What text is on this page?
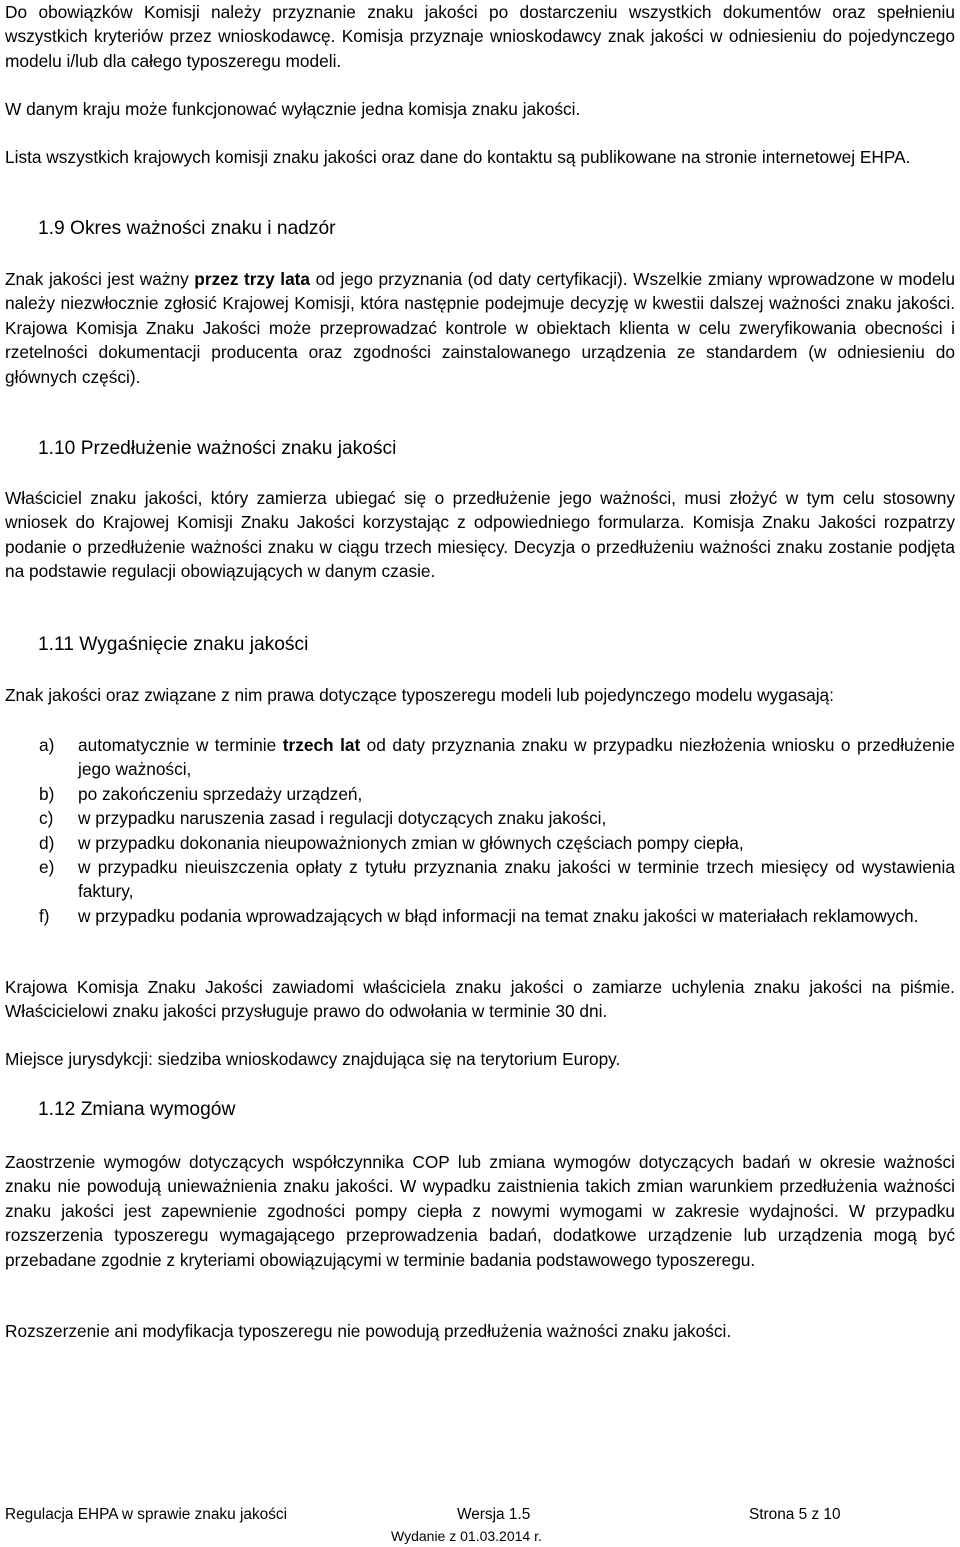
Do obowiązków Komisji należy przyznanie znaku jakości po dostarczeniu wszystkich dokumentów oraz spełnieniu wszystkich kryteriów przez wnioskodawcę. Komisja przyznaje wnioskodawcy znak jakości w odniesieniu do pojedynczego modelu i/lub dla całego typoszeregu modeli.

W danym kraju może funkcjonować wyłącznie jedna komisja znaku jakości.

Lista wszystkich krajowych komisji znaku jakości oraz dane do kontaktu są publikowane na stronie internetowej EHPA.

1.9 Okres ważności znaku i nadzór

Znak jakości jest ważny przez trzy lata od jego przyznania (od daty certyfikacji). Wszelkie zmiany wprowadzone w modelu należy niezwłocznie zgłosić Krajowej Komisji, która następnie podejmuje decyzję w kwestii dalszej ważności znaku jakości. Krajowa Komisja Znaku Jakości może przeprowadzać kontrole w obiektach klienta w celu zweryfikowania obecności i rzetelności dokumentacji producenta oraz zgodności zainstalowanego urządzenia ze standardem (w odniesieniu do głównych części).

1.10 Przedłużenie ważności znaku jakości

Właściciel znaku jakości, który zamierza ubiegać się o przedłużenie jego ważności, musi złożyć w tym celu stosowny wniosek do Krajowej Komisji Znaku Jakości korzystając z odpowiedniego formularza. Komisja Znaku Jakości rozpatrzy podanie o przedłużenie ważności znaku w ciągu trzech miesięcy. Decyzja o przedłużeniu ważności znaku zostanie podjęta na podstawie regulacji obowiązujących w danym czasie.

1.11 Wygaśnięcie znaku jakości

Znak jakości oraz związane z nim prawa dotyczące typoszeregu modeli lub pojedynczego modelu wygasają:

a) automatycznie w terminie trzech lat od daty przyznania znaku w przypadku niezłożenia wniosku o przedłużenie jego ważności,
b) po zakończeniu sprzedaży urządzeń,
c) w przypadku naruszenia zasad i regulacji dotyczących znaku jakości,
d) w przypadku dokonania nieupoważnionych zmian w głównych częściach pompy ciepła,
e) w przypadku nieuiszczenia opłaty z tytułu przyznania znaku jakości w terminie trzech miesięcy od wystawienia faktury,
f) w przypadku podania wprowadzających w błąd informacji na temat znaku jakości w materiałach reklamowych.

Krajowa Komisja Znaku Jakości zawiadomi właściciela znaku jakości o zamiarze uchylenia znaku jakości na piśmie. Właścicielowi znaku jakości przysługuje prawo do odwołania w terminie 30 dni.

Miejsce jurysdykcji: siedziba wnioskodawcy znajdująca się na terytorium Europy.

1.12 Zmiana wymogów

Zaostrzenie wymogów dotyczących współczynnika COP lub zmiana wymogów dotyczących badań w okresie ważności znaku nie powodują unieważnienia znaku jakości. W wypadku zaistnienia takich zmian warunkiem przedłużenia ważności znaku jakości jest zapewnienie zgodności pompy ciepła z nowymi wymogami w zakresie wydajności. W przypadku rozszerzenia typoszeregu wymagającego przeprowadzenia badań, dodatkowe urządzenie lub urządzenia mogą być przebadane zgodnie z kryteriami obowiązującymi w terminie badania podstawowego typoszeregu.

Rozszerzenie ani modyfikacja typoszeregu nie powodują przedłużenia ważności znaku jakości.

Regulacja EHPA w sprawie znaku jakości	Wersja 1.5	Strona 5 z 10
Wydanie z 01.03.2014 r.
